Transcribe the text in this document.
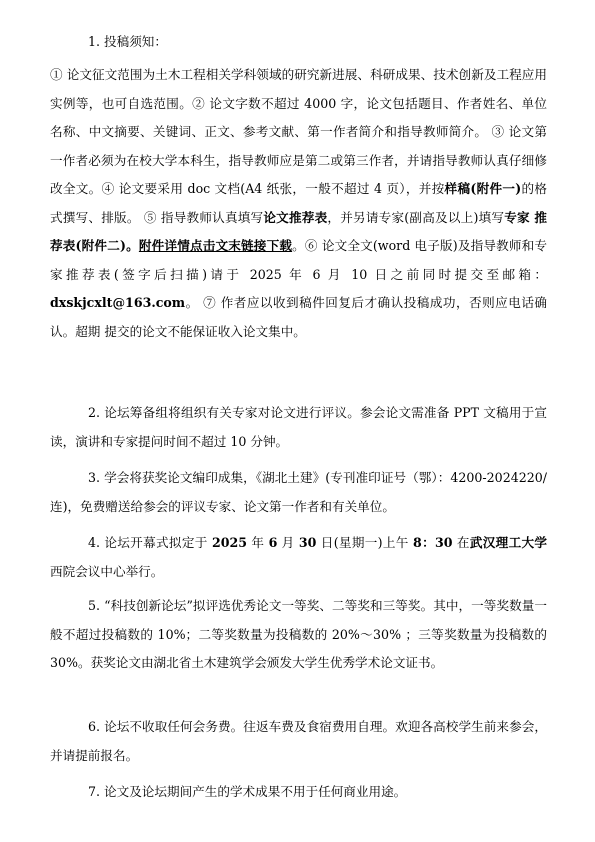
1. 投稿须知：

① 论文征文范围为土木工程相关学科领域的研究新进展、科研成果、技术创新及工程应用实例等，也可自选范围。② 论文字数不超过 4000 字，论文包括题目、作者姓名、单位名称、中文摘要、关键词、正文、参考文献、第一作者简介和指导教师简介。 ③ 论文第一作者必须为在校大学本科生，指导教师应是第二或第三作者，并请指导教师认真仔细修改全文。④ 论文要采用 doc 文档(A4 纸张，一般不超过 4 页），并按样稿(附件一)的格式撰写、排版。 ⑤ 指导教师认真填写论文推荐表，并另请专家(副高及以上)填写专家 推荐表(附件二)。附件详情点击文末链接下载。⑥ 论文全文(word 电子版)及指导教师和专家推荐表(签字后扫描)请于 2025 年 6 月 10 日之前同时提交至邮箱：dxskjcxlt@163.com。 ⑦ 作者应以收到稿件回复后才确认投稿成功，否则应电话确认。超期 提交的论文不能保证收入论文集中。

2. 论坛筹备组将组织有关专家对论文进行评议。参会论文需准备 PPT 文稿用于宣读，演讲和专家提问时间不超过 10 分钟。

3. 学会将获奖论文编印成集，《湖北土建》(专刊准印证号（鄂）：4200-2024220/连)，免费赠送给参会的评议专家、论文第一作者和有关单位。

4. 论坛开幕式拟定于 2025 年 6 月 30 日(星期一)上午 8：30 在武汉理工大学西院会议中心举行。

5. “科技创新论坛”拟评选优秀论文一等奖、二等奖和三等奖。其中，一等奖数量一般不超过投稿数的 10%；二等奖数量为投稿数的 20%～30% ；三等奖数量为投稿数的 30%。获奖论文由湖北省土木建筑学会颁发大学生优秀学术论文证书。

6. 论坛不收取任何会务费。往返车费及食宿费用自理。欢迎各高校学生前来参会，并请提前报名。

7. 论文及论坛期间产生的学术成果不用于任何商业用途。
